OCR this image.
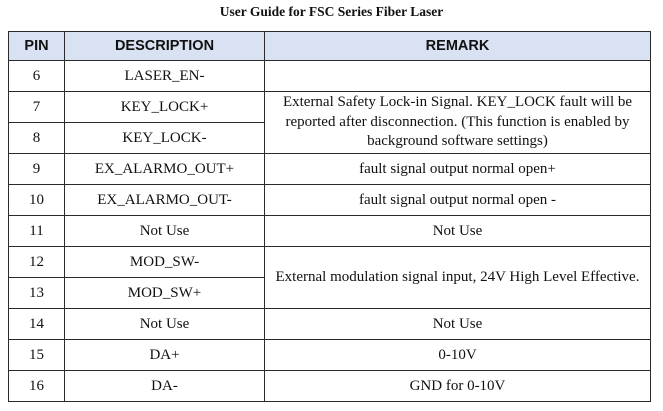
User Guide for FSC Series Fiber Laser
PIN	DESCRIPTION	REMARK
6	LASER_EN-	
7	KEY_LOCK+	External Safety Lock-in Signal. KEY_LOCK fault will be reported after disconnection. (This function is enabled by background software settings)
8	KEY_LOCK-	
9	EX_ALARMO_OUT+	fault signal output normal open+
10	EX_ALARMO_OUT-	fault signal output normal open -
11	Not Use	Not Use
12	MOD_SW-	External modulation signal input, 24V High Level Effective.
13	MOD_SW+	
14	Not Use	Not Use
15	DA+	0-10V
16	DA-	GND for 0-10V
